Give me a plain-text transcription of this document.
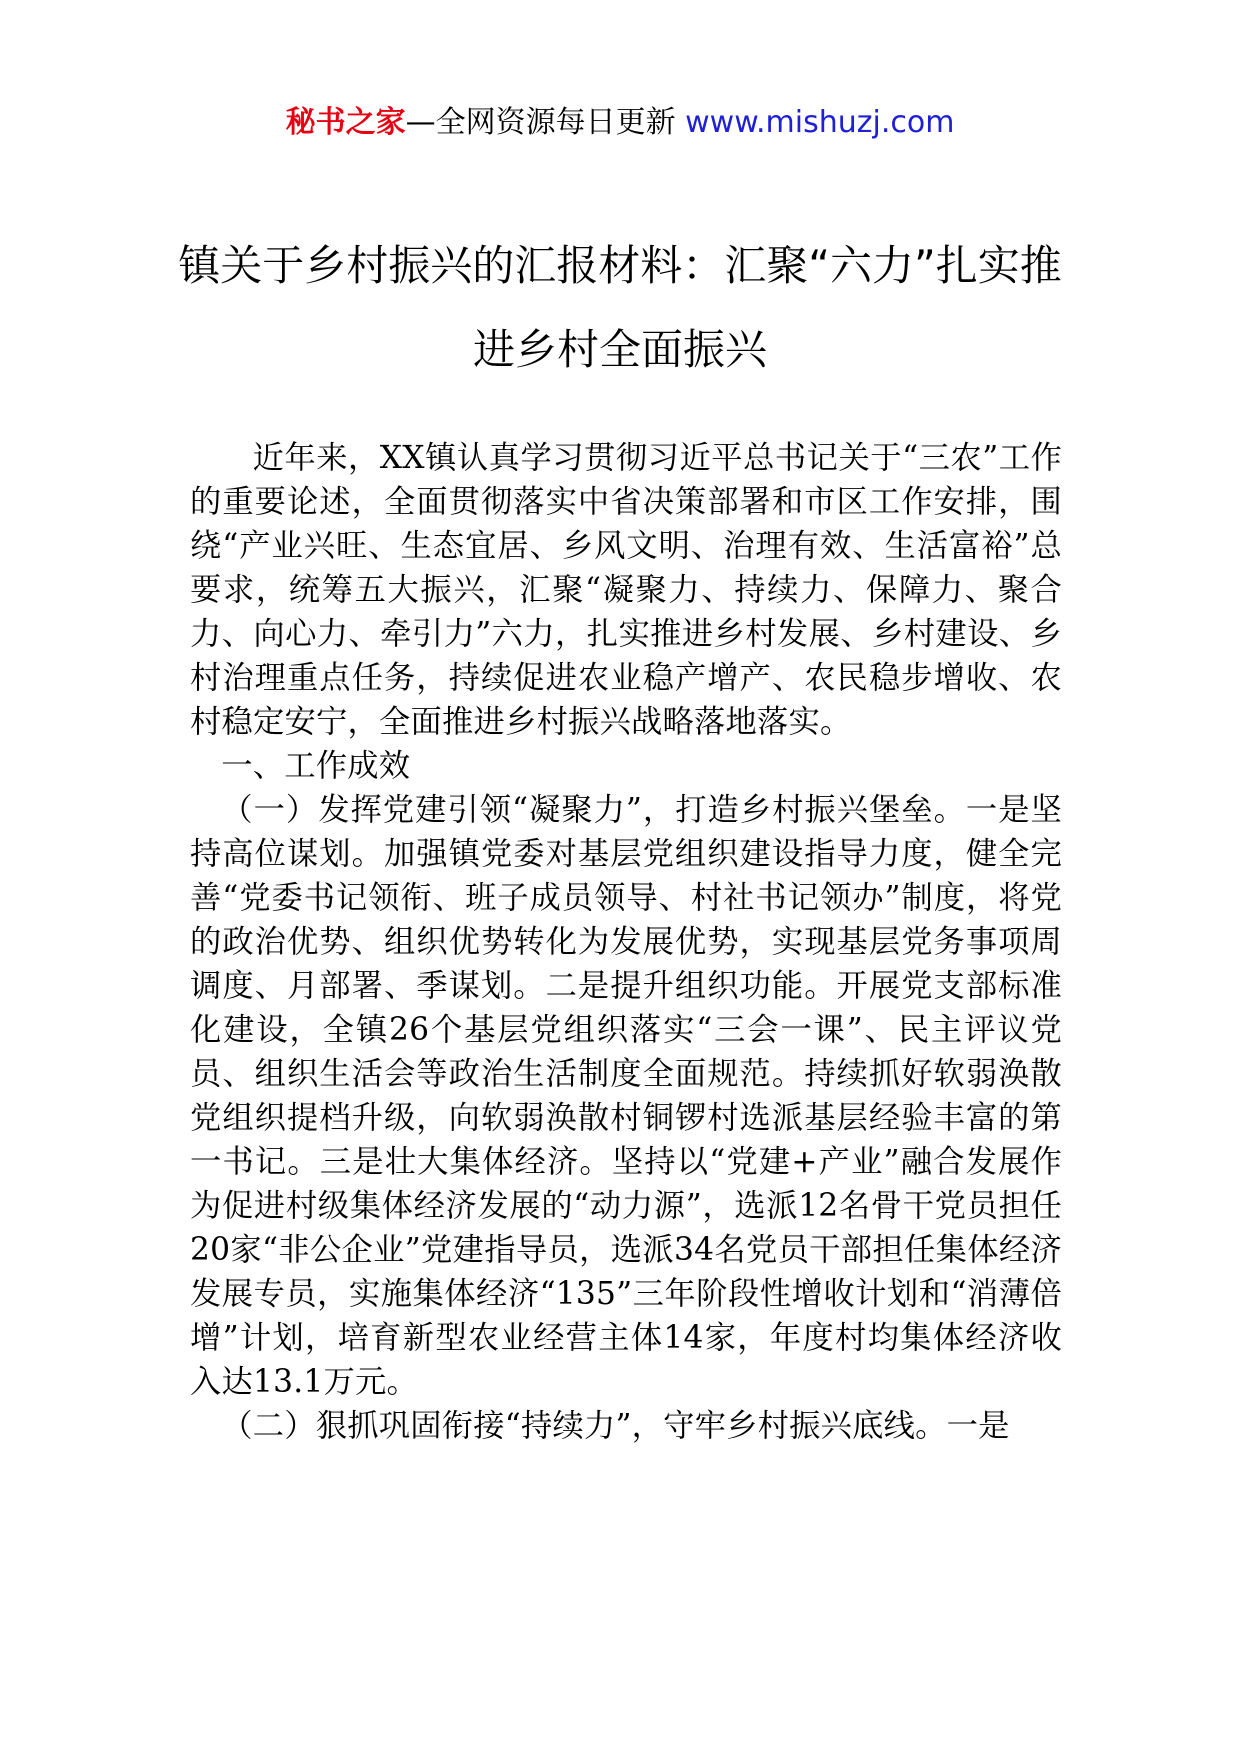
秘书之家—全网资源每日更新 www.mishuzj.com
镇关于乡村振兴的汇报材料：汇聚“六力”扎实推进乡村全面振兴

近年来，XX镇认真学习贯彻习近平总书记关于“三农”工作的重要论述，全面贯彻落实中省决策部署和市区工作安排，围绕“产业兴旺、生态宜居、乡风文明、治理有效、生活富裕”总要求，统筹五大振兴，汇聚“凝聚力、持续力、保障力、聚合力、向心力、牵引力”六力，扎实推进乡村发展、乡村建设、乡村治理重点任务，持续促进农业稳产增产、农民稳步增收、农村稳定安宁，全面推进乡村振兴战略落地落实。

一、工作成效

（一）发挥党建引领“凝聚力”，打造乡村振兴堡垒。一是坚持高位谋划。加强镇党委对基层党组织建设指导力度，健全完善“党委书记领衔、班子成员领导、村社书记领办”制度，将党的政治优势、组织优势转化为发展优势，实现基层党务事项周调度、月部署、季谋划。二是提升组织功能。开展党支部标准化建设，全镇26个基层党组织落实“三会一课”、民主评议党员、组织生活会等政治生活制度全面规范。持续抓好软弱涣散党组织提档升级，向软弱涣散村铜锣村选派基层经验丰富的第一书记。三是壮大集体经济。坚持以“党建+产业”融合发展作为促进村级集体经济发展的“动力源”，选派12名骨干党员担任20家“非公企业”党建指导员，选派34名党员干部担任集体经济发展专员，实施集体经济“135”三年阶段性增收计划和“消薄倍增”计划，培育新型农业经营主体14家，年度村均集体经济收入达13.1万元。

（二）狠抓巩固衔接“持续力”，守牢乡村振兴底线。一是
